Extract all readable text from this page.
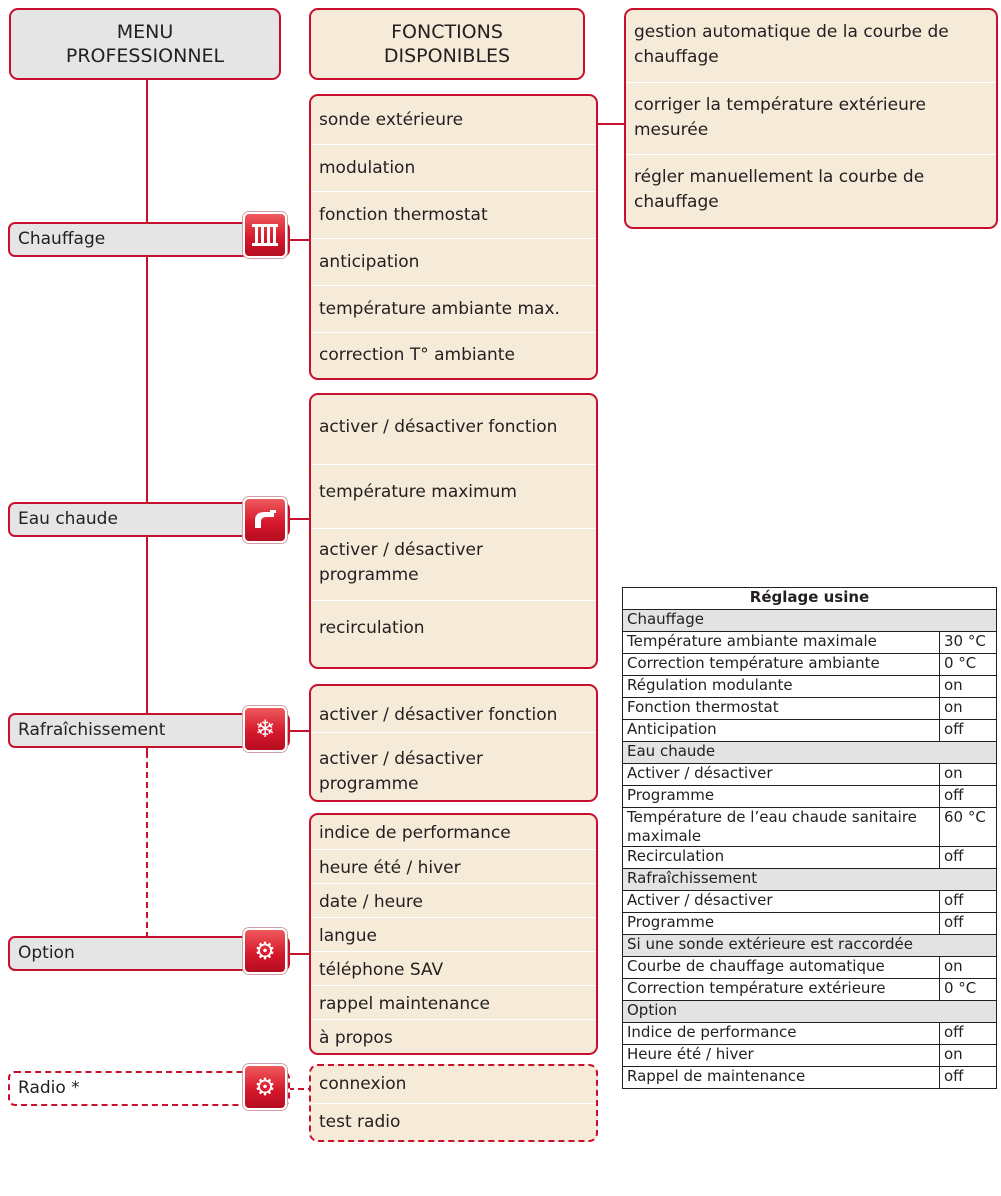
MENU
PROFESSIONNEL
FONCTIONS
DISPONIBLES
Chauffage
Eau chaude
Rafraîchissement	❄
Option	⚙
Radio *	⚙
sonde extérieure
modulation
fonction thermostat
anticipation
température ambiante max.
correction T° ambiante
gestion automatique de la courbe de chauffage
corriger la température extérieure mesurée
régler manuellement la courbe de chauffage
activer / désactiver fonction
température maximum
activer / désactiver programme
recirculation
activer / désactiver fonction
activer / désactiver programme
indice de performance
heure été / hiver
date / heure
langue
téléphone SAV
rappel maintenance
à propos
connexion
test radio
Réglage usine	
Chauffage	
Température ambiante maximale	30 °C
Correction température ambiante	0 °C
Régulation modulante	on
Fonction thermostat	on
Anticipation	off
Eau chaude	
Activer / désactiver	on
Programme	off
Température de l’eau chaude sanitaire maximale	60 °C
Recirculation	off
Rafraîchissement	
Activer / désactiver	off
Programme	off
Si une sonde extérieure est raccordée	
Courbe de chauffage automatique	on
Correction température extérieure	0 °C
Option	
Indice de performance	off
Heure été / hiver	on
Rappel de maintenance	off
